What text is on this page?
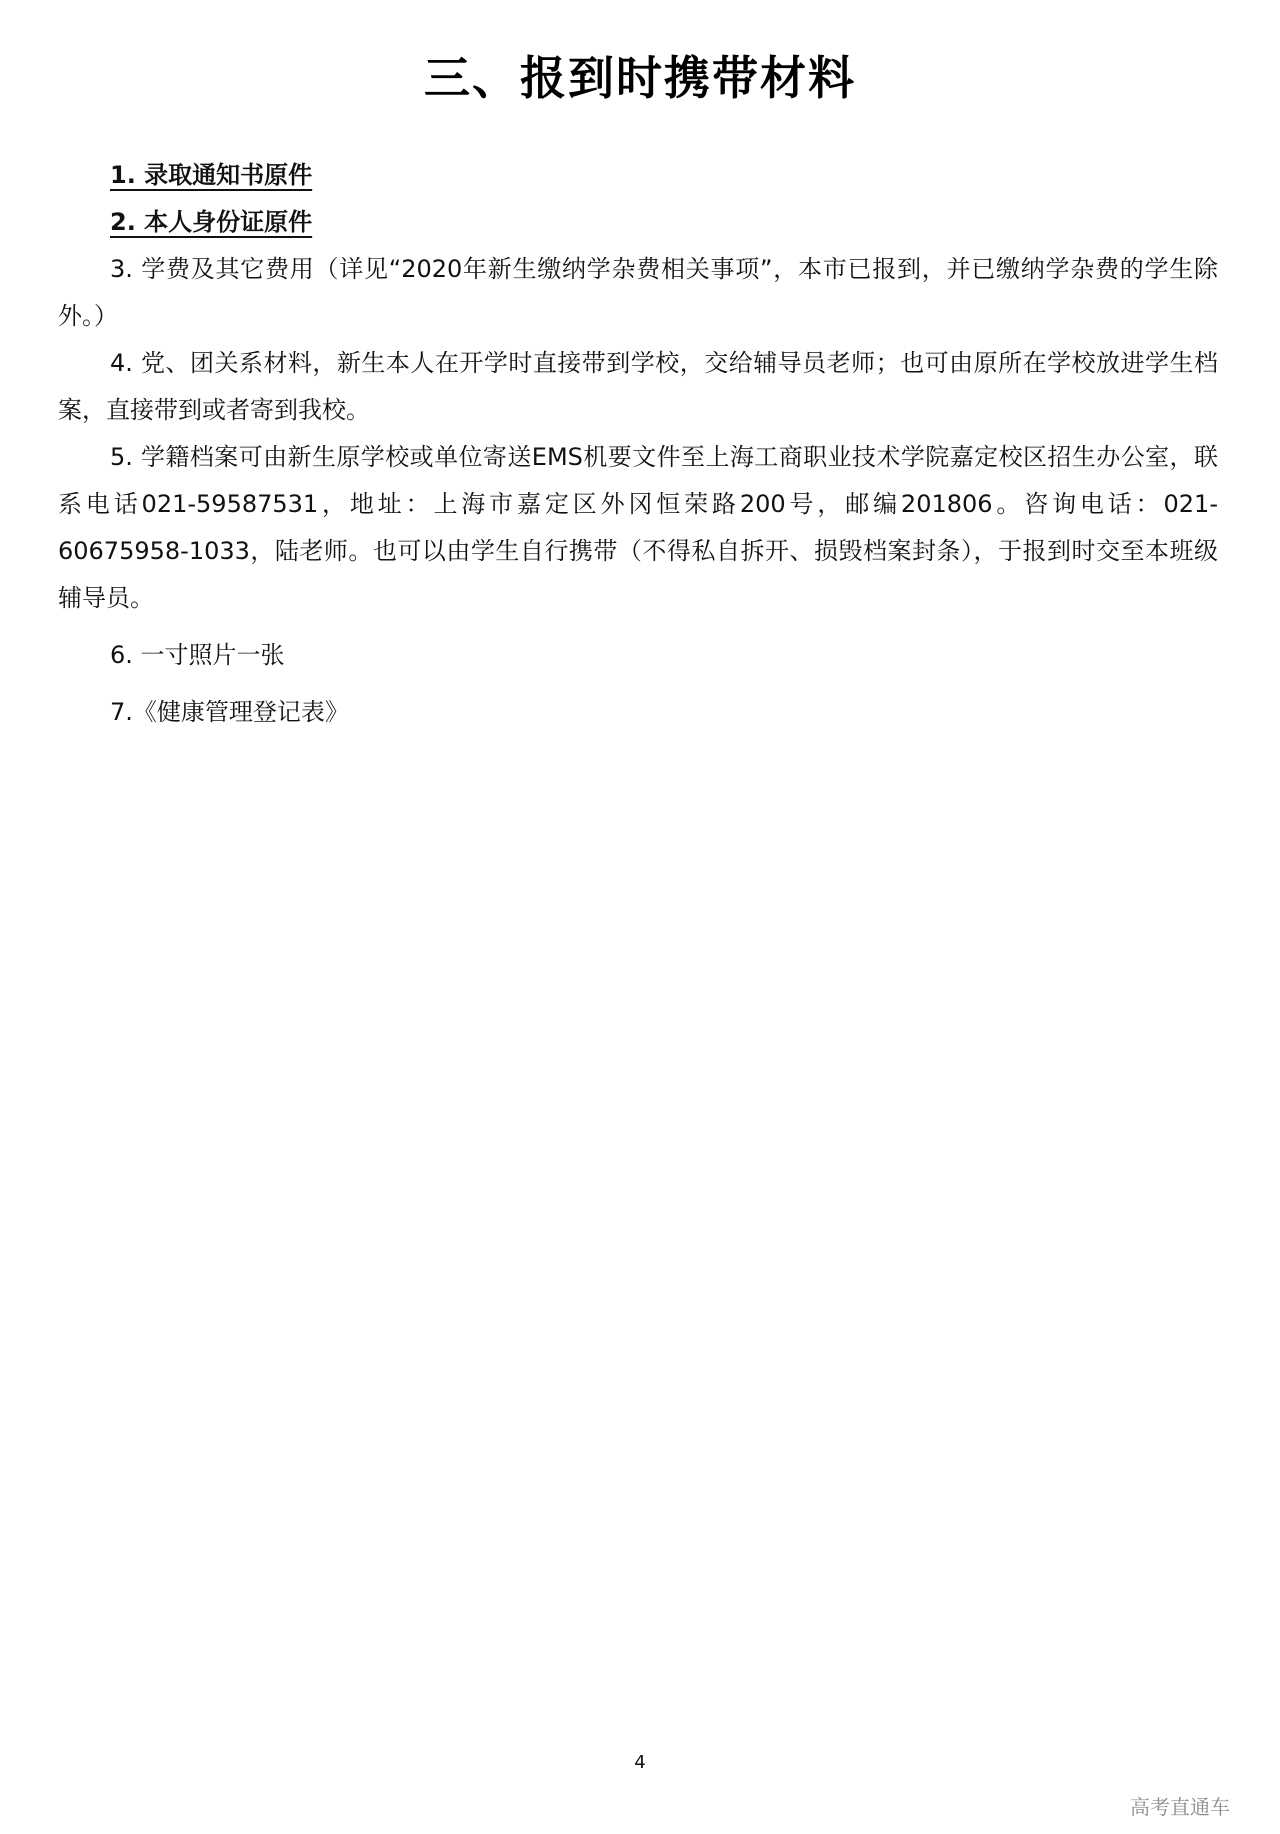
三、报到时携带材料

1. 录取通知书原件

2. 本人身份证原件

3. 学费及其它费用（详见“2020年新生缴纳学杂费相关事项”，本市已报到，并已缴纳学杂费的学生除外。）

4. 党、团关系材料，新生本人在开学时直接带到学校，交给辅导员老师；也可由原所在学校放进学生档案，直接带到或者寄到我校。

5. 学籍档案可由新生原学校或单位寄送EMS机要文件至上海工商职业技术学院嘉定校区招生办公室，联系电话021-59587531，地址：上海市嘉定区外冈恒荣路200号，邮编201806。咨询电话：021-60675958-1033，陆老师。也可以由学生自行携带（不得私自拆开、损毁档案封条），于报到时交至本班级辅导员。

6. 一寸照片一张

7.《健康管理登记表》

4
高考直通车
